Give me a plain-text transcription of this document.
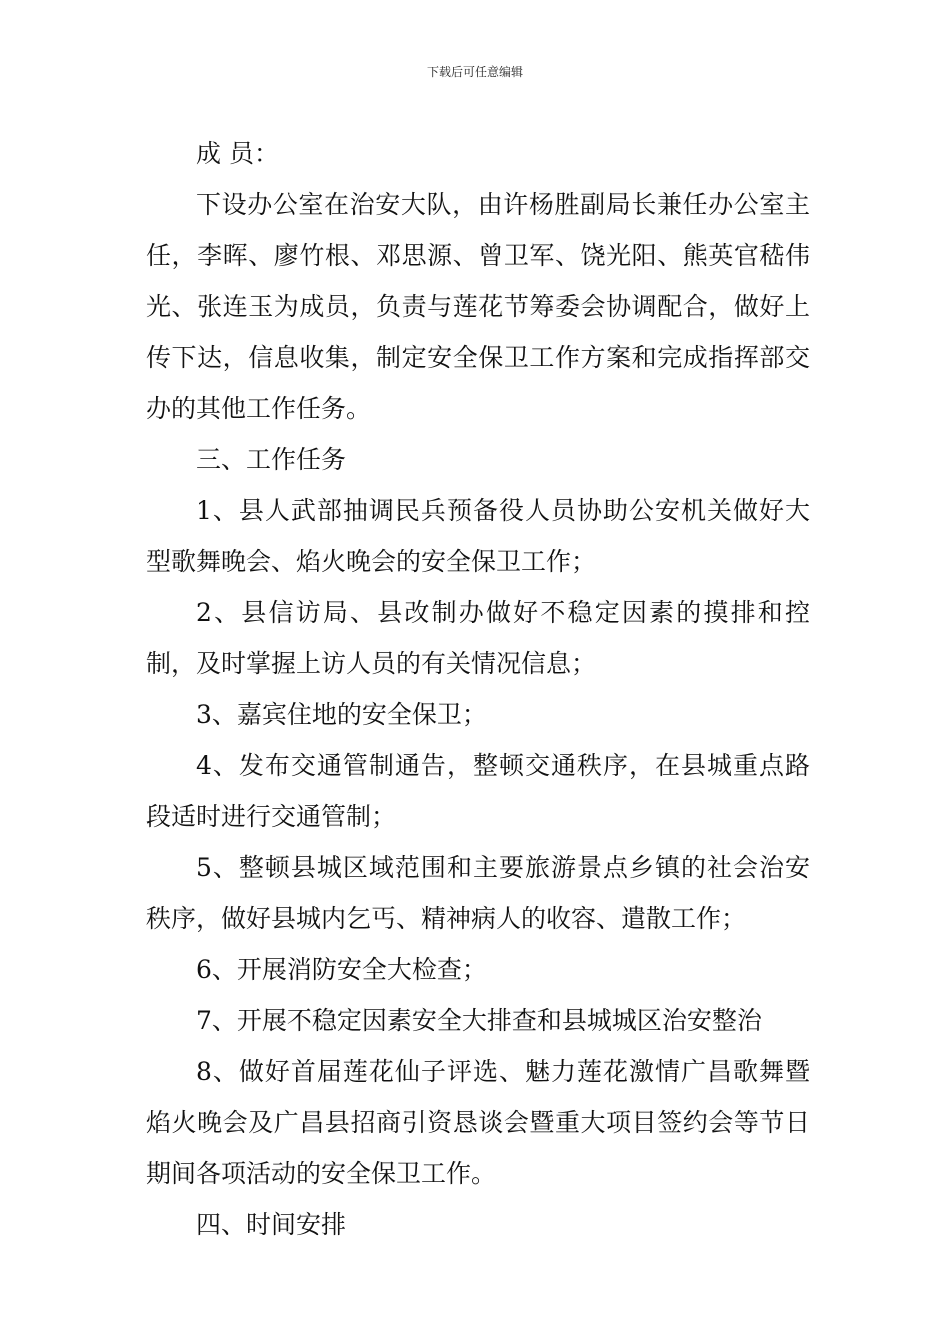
下载后可任意编辑

成 员：

下设办公室在治安大队，由许杨胜副局长兼任办公室主任，李晖、廖竹根、邓思源、曾卫军、饶光阳、熊英官嵇伟光、张连玉为成员，负责与莲花节筹委会协调配合，做好上传下达，信息收集，制定安全保卫工作方案和完成指挥部交办的其他工作任务。

三、工作任务

1、县人武部抽调民兵预备役人员协助公安机关做好大型歌舞晚会、焰火晚会的安全保卫工作；

2、县信访局、县改制办做好不稳定因素的摸排和控制，及时掌握上访人员的有关情况信息；

3、嘉宾住地的安全保卫；

4、发布交通管制通告，整顿交通秩序，在县城重点路段适时进行交通管制；

5、整顿县城区域范围和主要旅游景点乡镇的社会治安秩序，做好县城内乞丐、精神病人的收容、遣散工作；

6、开展消防安全大检查；

7、开展不稳定因素安全大排查和县城城区治安整治

8、做好首届莲花仙子评选、魅力莲花激情广昌歌舞暨焰火晚会及广昌县招商引资恳谈会暨重大项目签约会等节日期间各项活动的安全保卫工作。

四、时间安排
